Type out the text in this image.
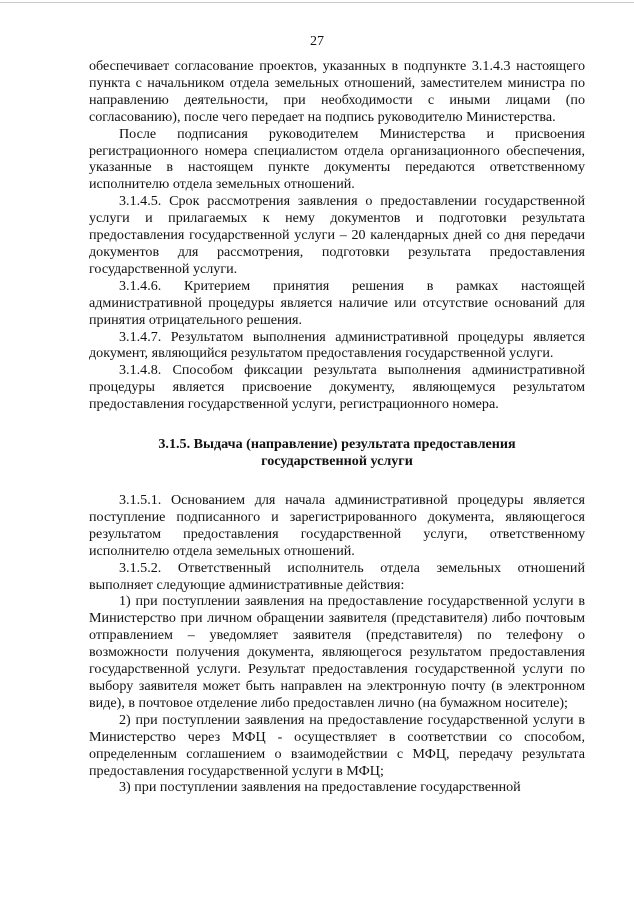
27

обеспечивает согласование проектов, указанных в подпункте 3.1.4.3 настоящего пункта с начальником отдела земельных отношений, заместителем министра по направлению деятельности, при необходимости с иными лицами (по согласованию), после чего передает на подпись руководителю Министерства.

После подписания руководителем Министерства и присвоения регистрационного номера специалистом отдела организационного обеспечения, указанные в настоящем пункте документы передаются ответственному исполнителю отдела земельных отношений.

3.1.4.5. Срок рассмотрения заявления о предоставлении государственной услуги и прилагаемых к нему документов и подготовки результата предоставления государственной услуги – 20 календарных дней со дня передачи документов для рассмотрения, подготовки результата предоставления государственной услуги.

3.1.4.6. Критерием принятия решения в рамках настоящей административной процедуры является наличие или отсутствие оснований для принятия отрицательного решения.

3.1.4.7. Результатом выполнения административной процедуры является документ, являющийся результатом предоставления государственной услуги.

3.1.4.8. Способом фиксации результата выполнения административной процедуры является присвоение документу, являющемуся результатом предоставления государственной услуги, регистрационного номера.

3.1.5. Выдача (направление) результата предоставления
государственной услуги

3.1.5.1. Основанием для начала административной процедуры является поступление подписанного и зарегистрированного документа, являющегося результатом предоставления государственной услуги, ответственному исполнителю отдела земельных отношений.

3.1.5.2. Ответственный исполнитель отдела земельных отношений выполняет следующие административные действия:

1) при поступлении заявления на предоставление государственной услуги в Министерство при личном обращении заявителя (представителя) либо почтовым отправлением – уведомляет заявителя (представителя) по телефону о возможности получения документа, являющегося результатом предоставления государственной услуги. Результат предоставления государственной услуги по выбору заявителя может быть направлен на электронную почту (в электронном виде), в почтовое отделение либо предоставлен лично (на бумажном носителе);

2) при поступлении заявления на предоставление государственной услуги в Министерство через МФЦ - осуществляет в соответствии со способом, определенным соглашением о взаимодействии с МФЦ, передачу результата предоставления государственной услуги в МФЦ;

3) при поступлении заявления на предоставление государственной
